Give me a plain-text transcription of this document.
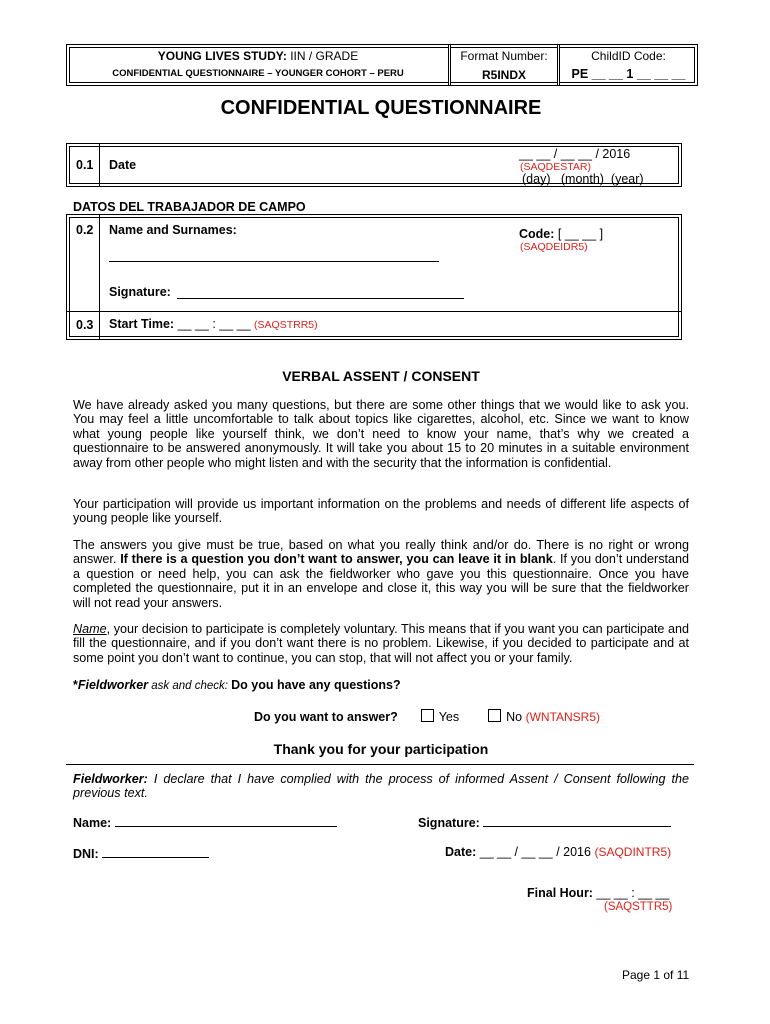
YOUNG LIVES STUDY: IIN / GRADE
CONFIDENTIAL QUESTIONNAIRE – YOUNGER COHORT – PERU
Format Number:
R5INDX
ChildID Code:
PE __ __ 1 __ __ __
CONFIDENTIAL QUESTIONNAIRE
0.1 Date
__ __ / __ __ / 2016
(SAQDESTAR)
(day)   (month)  (year)
DATOS DEL TRABAJADOR DE CAMPO
0.2 Name and Surnames:	Code: [ __ __ ]
(SAQDEIDR5)
Signature:
0.3 Start Time: __ __ : __ __ (SAQSTRR5)
VERBAL ASSENT / CONSENT
We have already asked you many questions, but there are some other things that we would like to ask you. You may feel a little uncomfortable to talk about topics like cigarettes, alcohol, etc. Since we want to know what young people like yourself think, we don’t need to know your name, that’s why we created a questionnaire to be answered anonymously. It will take you about 15 to 20 minutes in a suitable environment away from other people who might listen and with the security that the information is confidential.
Your participation will provide us important information on the problems and needs of different life aspects of young people like yourself.
The answers you give must be true, based on what you really think and/or do. There is no right or wrong answer. If there is a question you don’t want to answer, you can leave it in blank. If you don’t understand a question or need help, you can ask the fieldworker who gave you this questionnaire. Once you have completed the questionnaire, put it in an envelope and close it, this way you will be sure that the fieldworker will not read your answers.
Name, your decision to participate is completely voluntary. This means that if you want you can participate and fill the questionnaire, and if you don’t want there is no problem. Likewise, if you decided to participate and at some point you don’t want to continue, you can stop, that will not affect you or your family.
*Fieldworker ask and check: Do you have any questions?
Do you want to answer?	Yes	No (WNTANSR5)
Thank you for your participation
Fieldworker: I declare that I have complied with the process of informed Assent / Consent following the previous text.
Name:	Signature:
DNI:	Date: __ __ / __ __ / 2016 (SAQDINTR5)
Final Hour: __ __ : __ __
(SAQSTTR5)
Page 1 of 11
